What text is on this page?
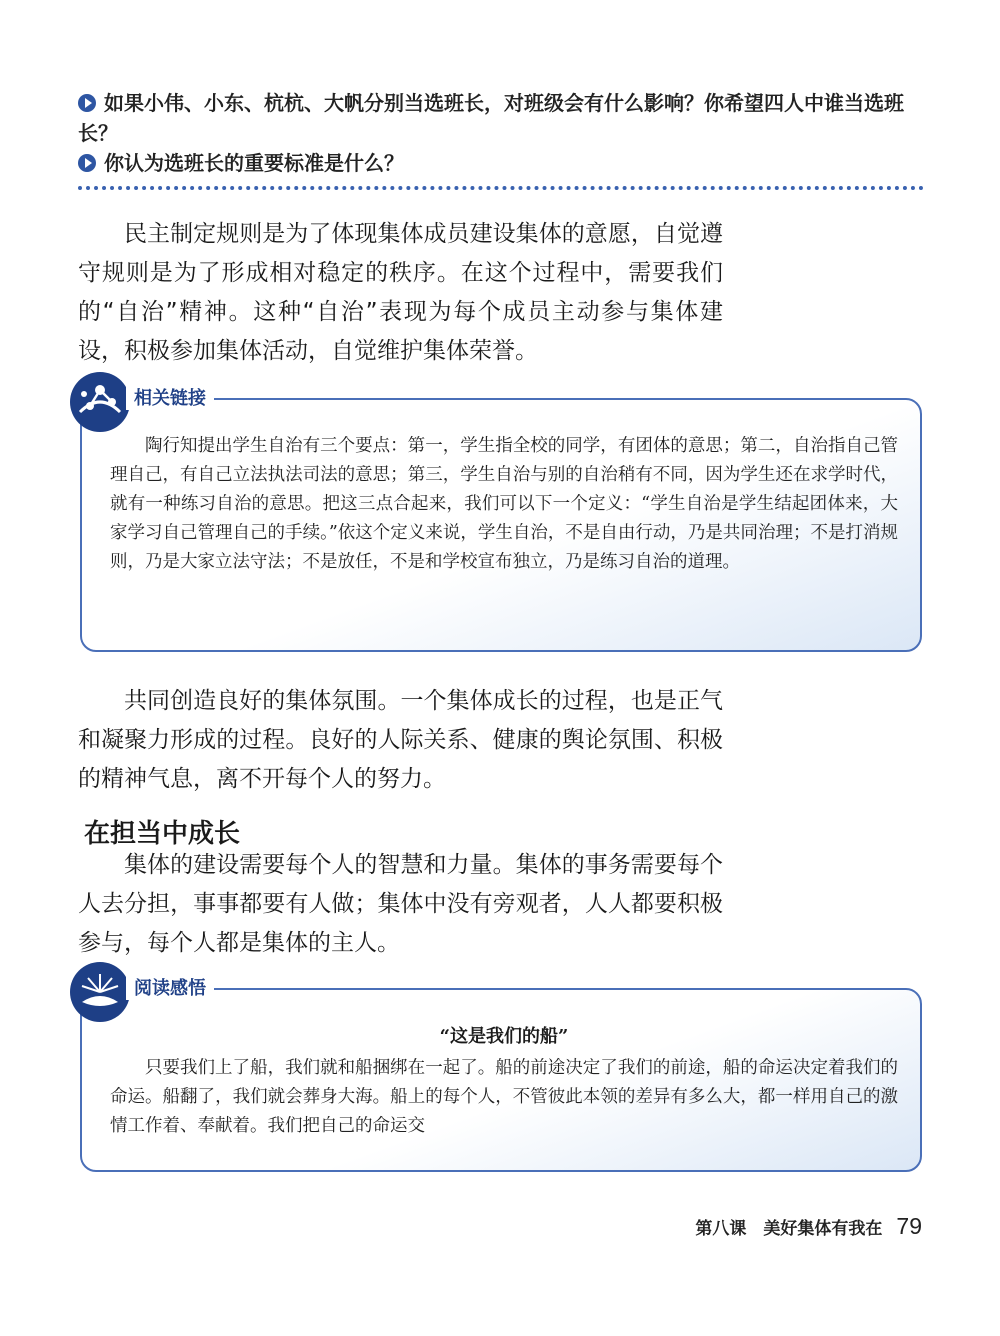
如果小伟、小东、杭杭、大帆分别当选班长，对班级会有什么影响？你希望四人中谁当选班长？
你认为选班长的重要标准是什么？

民主制定规则是为了体现集体成员建设集体的意愿，自觉遵守规则是为了形成相对稳定的秩序。在这个过程中，需要我们的“自治”精神。这种“自治”表现为每个成员主动参与集体建设，积极参加集体活动，自觉维护集体荣誉。

陶行知提出学生自治有三个要点：第一，学生指全校的同学，有团体的意思；第二，自治指自己管理自己，有自己立法执法司法的意思；第三，学生自治与别的自治稍有不同，因为学生还在求学时代，就有一种练习自治的意思。把这三点合起来，我们可以下一个定义：“学生自治是学生结起团体来，大家学习自己管理自己的手续。”依这个定义来说，学生自治，不是自由行动，乃是共同治理；不是打消规则，乃是大家立法守法；不是放任，不是和学校宣布独立，乃是练习自治的道理。

相关链接

共同创造良好的集体氛围。一个集体成长的过程，也是正气和凝聚力形成的过程。良好的人际关系、健康的舆论氛围、积极的精神气息，离不开每个人的努力。

在担当中成长

集体的建设需要每个人的智慧和力量。集体的事务需要每个人去分担，事事都要有人做；集体中没有旁观者，人人都要积极参与，每个人都是集体的主人。

“这是我们的船”

只要我们上了船，我们就和船捆绑在一起了。船的前途决定了我们的前途，船的命运决定着我们的命运。船翻了，我们就会葬身大海。船上的每个人，不管彼此本领的差异有多么大，都一样用自己的激情工作着、奉献着。我们把自己的命运交

阅读感悟
第八课　美好集体有我在 79
